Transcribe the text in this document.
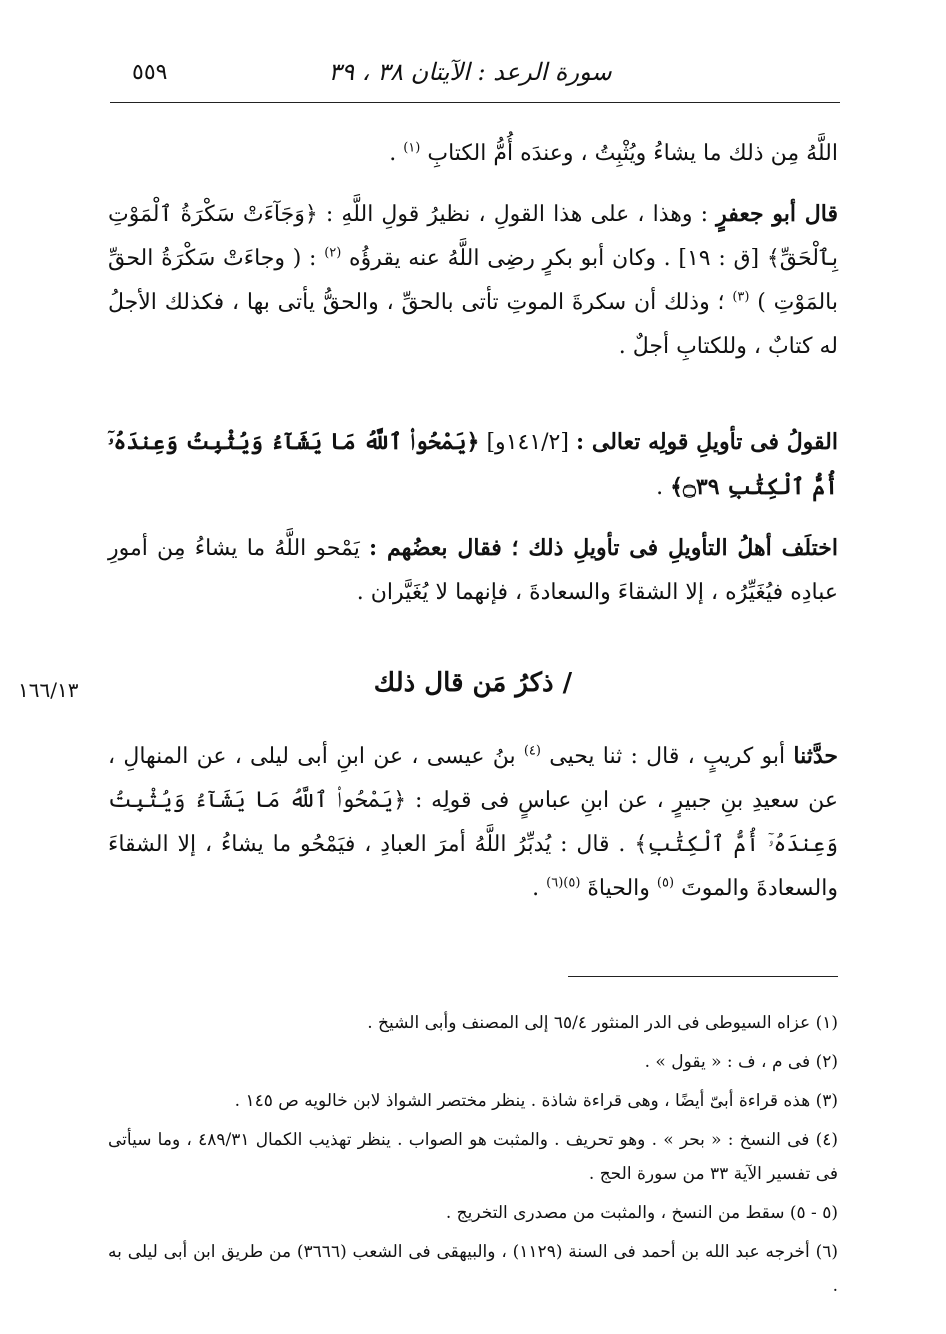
سورة الرعد : الآيتان ٣٨ ، ٣٩
٥٥٩

اللَّهُ مِن ذلك ما يشاءُ ويُثْبِتُ ، وعندَه أُمُّ الكتابِ $^{(١)}$ .

قال أبو جعفرٍ : وهذا ، على هذا القولِ ، نظيرُ قولِ اللَّهِ : ﴿وَجَآءَتْ سَكْرَةُ ٱلْمَوْتِ بِٱلْحَقِّ﴾ [ق : ١٩] . وكان أبو بكرٍ رضِى اللَّهُ عنه يقرؤُه $^{(٢)}$ : ( وجاءَتْ سَكْرَةُ الحقِّ بالمَوْتِ ) $^{(٣)}$ ؛ وذلك أن سكرةَ الموتِ تأتى بالحقِّ ، والحقُّ يأتى بها ، فكذلك الأجلُ له كتابٌ ، وللكتابِ أجلٌ .

القولُ فى تأويلِ قولِه تعالى : [١٤١/٢و] ﴿يَمْحُوا۟ ٱللَّهُ مَا يَشَآءُ وَيُثْبِتُ وَعِندَهُۥٓ أُمُّ ٱلْكِتَٰبِ ۝٣٩﴾ .

اختلَف أهلُ التأويلِ فى تأويلِ ذلك ؛ فقال بعضُهم : يَمْحو اللَّهُ ما يشاءُ مِن أمورِ عبادِه فيُغَيِّرُه ، إلا الشقاءَ والسعادةَ ، فإنهما لا يُغَيَّران .

/ ذكرُ مَن قال ذلك
١٦٦/١٣

حدَّثنا أبو كريبٍ ، قال : ثنا يحيى $^{(٤)}$ بنُ عيسى ، عن ابنِ أبى ليلى ، عن المنهالِ ، عن سعيدِ بنِ جبيرٍ ، عن ابنِ عباسٍ فى قولِه : ﴿يَمْحُوا۟ ٱللَّهُ مَا يَشَآءُ وَيُثْبِتُ وَعِندَهُۥٓ أُمُّ ٱلْكِتَٰبِ﴾ . قال : يُدبِّرُ اللَّهُ أمرَ العبادِ ، فيَمْحُو ما يشاءُ ، إلا الشقاءَ والسعادةَ والموتَ $^{(٥)}$ والحياةَ $^{(٥)(٦)}$ .

(١) عزاه السيوطى فى الدر المنثور ٦٥/٤ إلى المصنف وأبى الشيخ .

(٢) فى م ، ف : « يقول » .

(٣) هذه قراءة أبىّ أيضًا ، وهى قراءة شاذة . ينظر مختصر الشواذ لابن خالويه ص ١٤٥ .

(٤) فى النسخ : « بحر » . وهو تحريف . والمثبت هو الصواب . ينظر تهذيب الكمال ٤٨٩/٣١ ، وما سيأتى فى تفسير الآية ٣٣ من سورة الحج .

(٥ - ٥) سقط من النسخ ، والمثبت من مصدرى التخريج .

(٦) أخرجه عبد الله بن أحمد فى السنة (١١٢٩) ، والبيهقى فى الشعب (٣٦٦٦) من طريق ابن أبى ليلى به .
